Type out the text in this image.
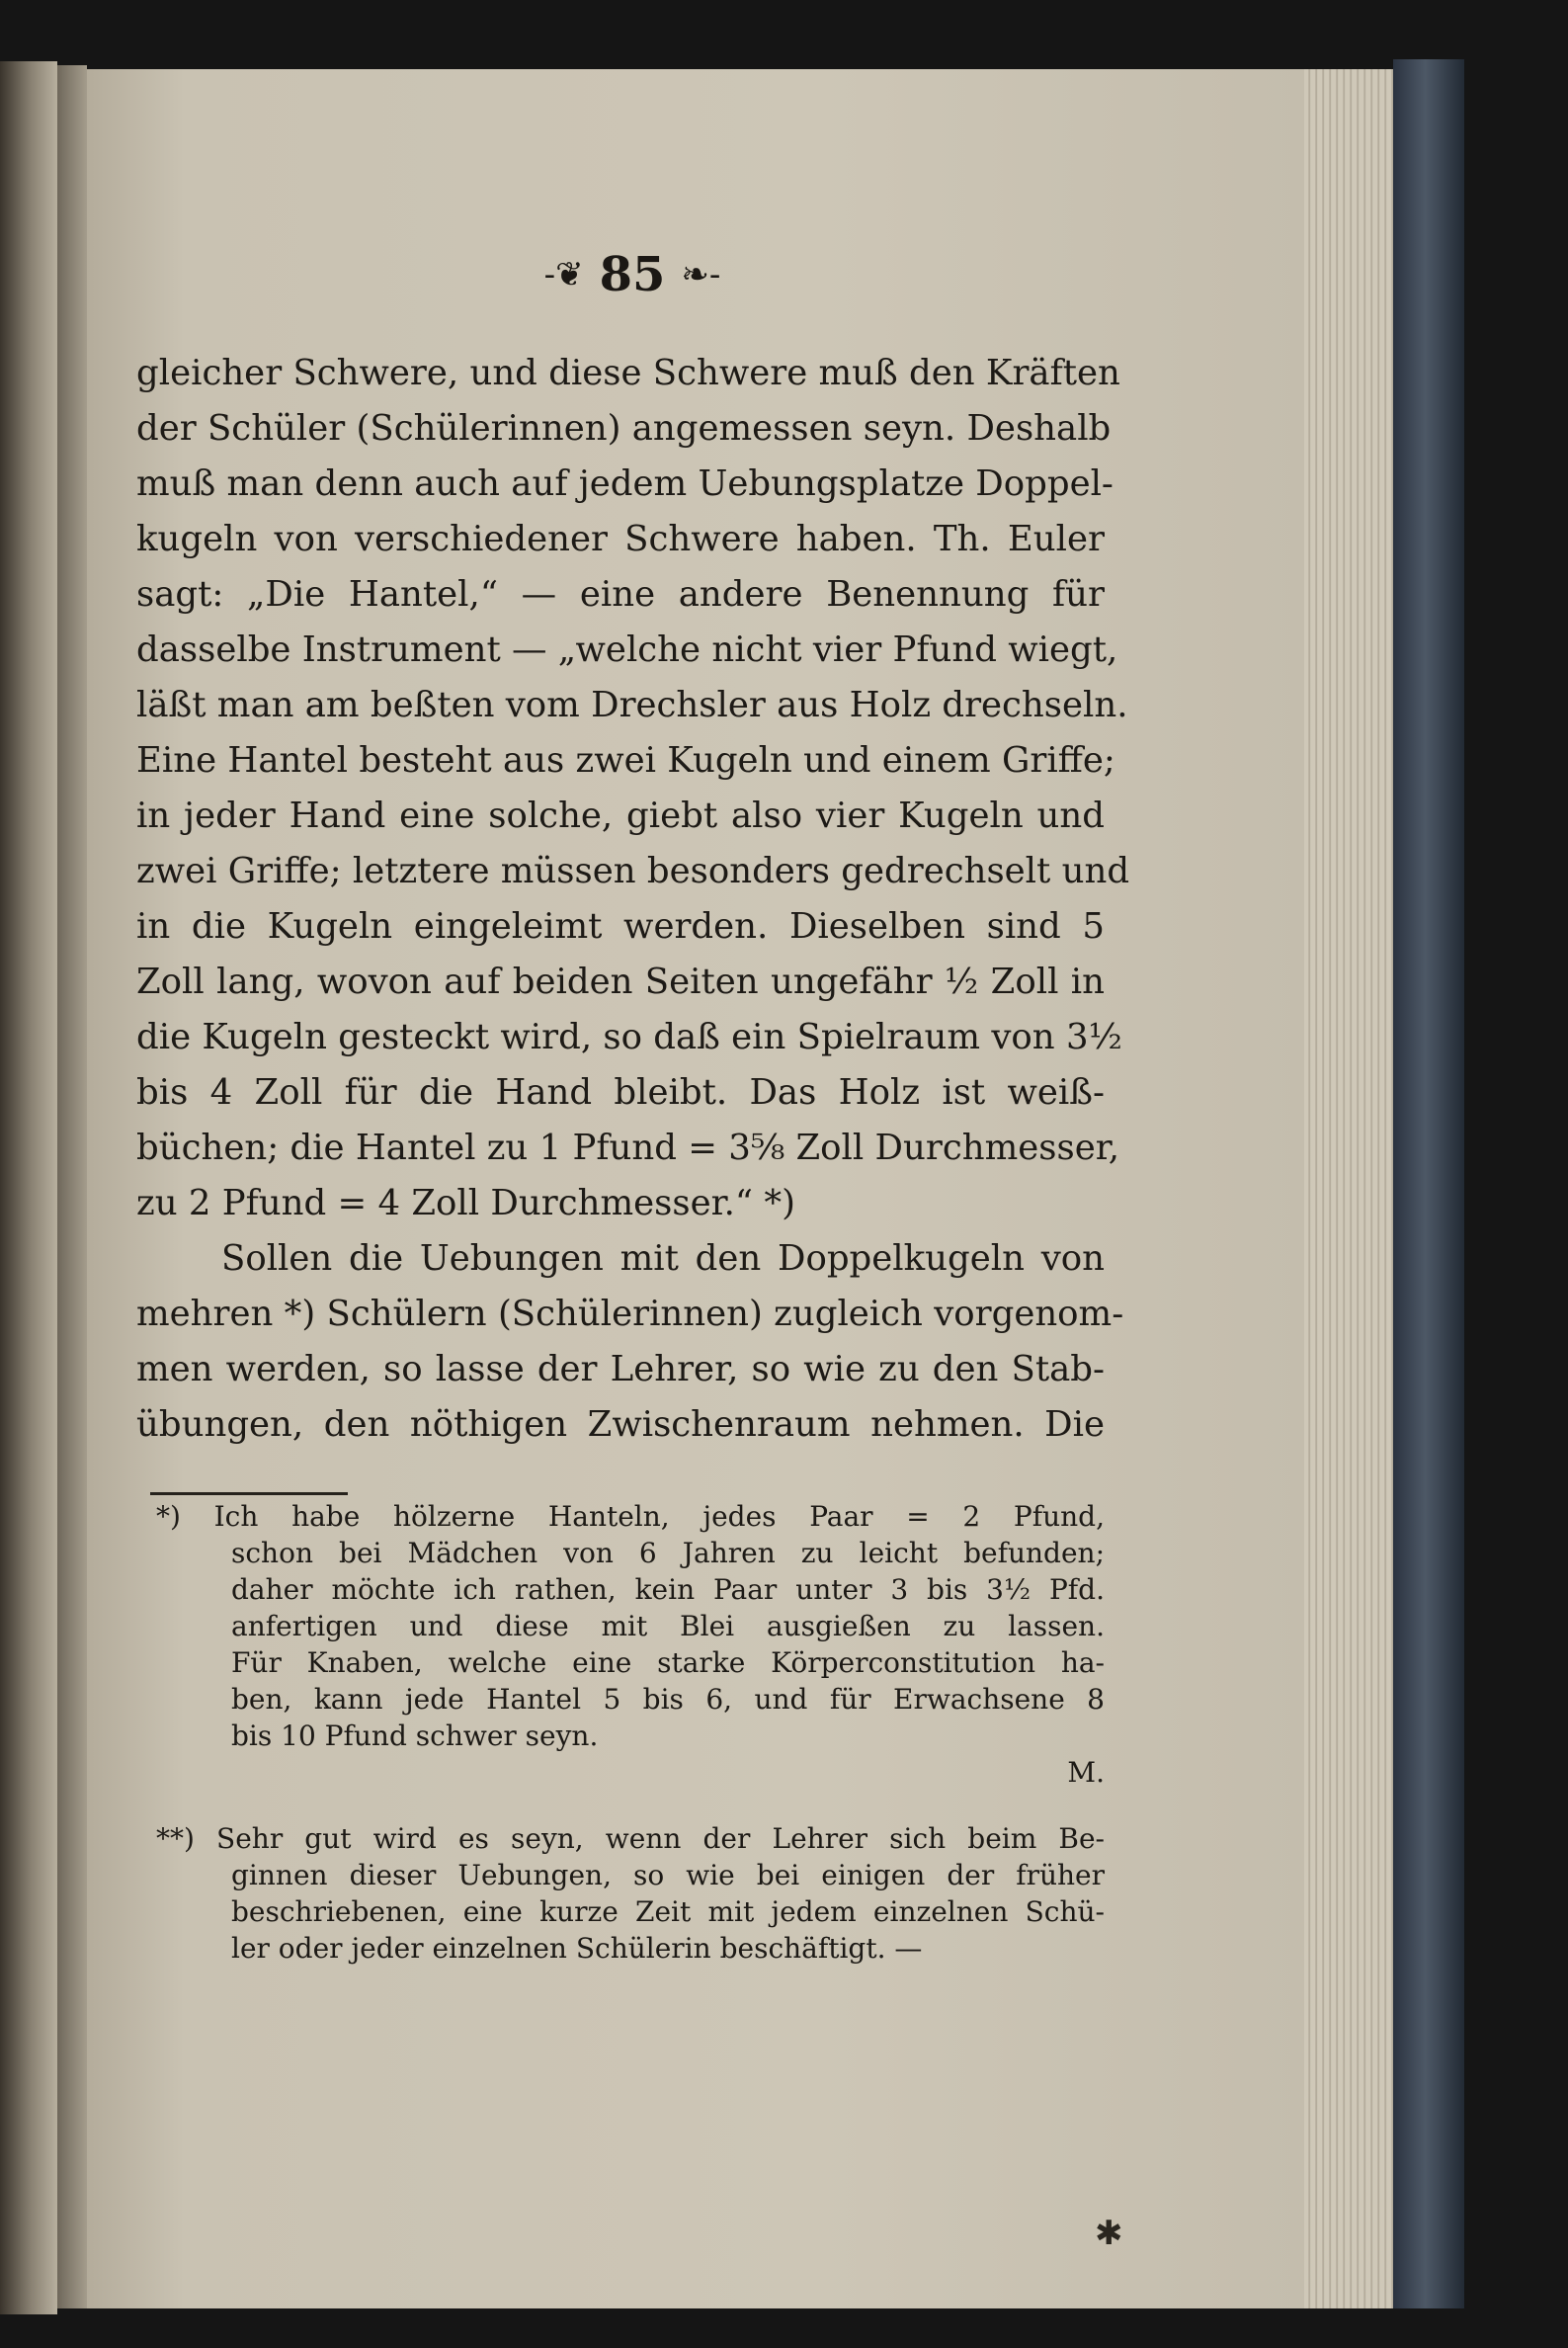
-❦ 85 ❧-
gleicher Schwere, und diese Schwere muß den Kräften
der Schüler (Schülerinnen) angemessen seyn. Deshalb
muß man denn auch auf jedem Uebungsplatze Doppel-
kugeln von verschiedener Schwere haben. Th. Euler
sagt: „Die Hantel,“ — eine andere Benennung für
dasselbe Instrument — „welche nicht vier Pfund wiegt,
läßt man am beßten vom Drechsler aus Holz drechseln.
Eine Hantel besteht aus zwei Kugeln und einem Griffe;
in jeder Hand eine solche, giebt also vier Kugeln und
zwei Griffe; letztere müssen besonders gedrechselt und
in die Kugeln eingeleimt werden. Dieselben sind 5
Zoll lang, wovon auf beiden Seiten ungefähr ½ Zoll in
die Kugeln gesteckt wird, so daß ein Spielraum von 3½
bis 4 Zoll für die Hand bleibt. Das Holz ist weiß-
büchen; die Hantel zu 1 Pfund = 3⅝ Zoll Durchmesser,
zu 2 Pfund = 4 Zoll Durchmesser.“ *)
Sollen die Uebungen mit den Doppelkugeln von
mehren *) Schülern (Schülerinnen) zugleich vorgenom-
men werden, so lasse der Lehrer, so wie zu den Stab-
übungen, den nöthigen Zwischenraum nehmen. Die
*) Ich habe hölzerne Hanteln, jedes Paar = 2 Pfund,
schon bei Mädchen von 6 Jahren zu leicht befunden;
daher möchte ich rathen, kein Paar unter 3 bis 3½ Pfd.
anfertigen und diese mit Blei ausgießen zu lassen.
Für Knaben, welche eine starke Körperconstitution ha-
ben, kann jede Hantel 5 bis 6, und für Erwachsene 8
bis 10 Pfund schwer seyn.
M.
**) Sehr gut wird es seyn, wenn der Lehrer sich beim Be-
ginnen dieser Uebungen, so wie bei einigen der früher
beschriebenen, eine kurze Zeit mit jedem einzelnen Schü-
ler oder jeder einzelnen Schülerin beschäftigt. —
✱
